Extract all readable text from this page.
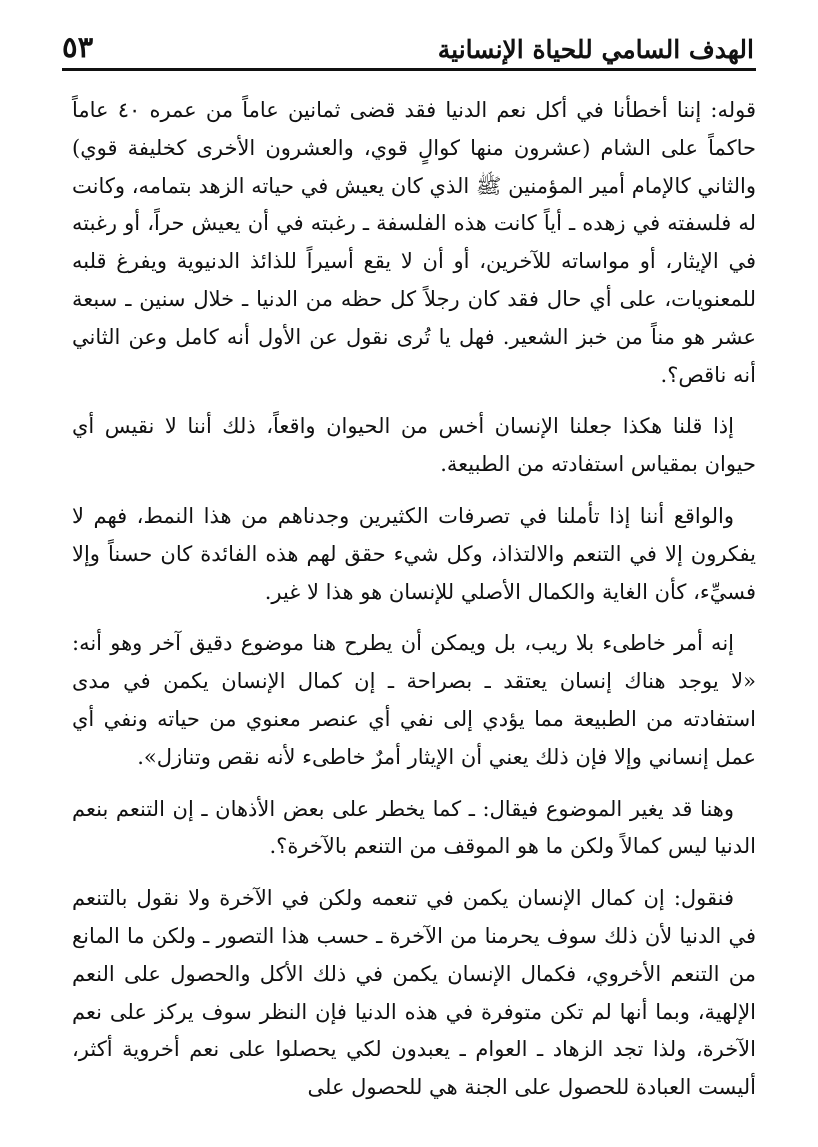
الهدف السامي للحياة الإنسانية
٥٣

قوله: إننا أخطأنا في أكل نعم الدنيا فقد قضى ثمانين عاماً من عمره ٤٠ عاماً حاكماً على الشام (عشرون منها كوالٍ قوي، والعشرون الأخرى كخليفة قوي) والثاني كالإمام أمير المؤمنين ﷺ الذي كان يعيش في حياته الزهد بتمامه، وكانت له فلسفته في زهده ـ أياً كانت هذه الفلسفة ـ رغبته في أن يعيش حراً، أو رغبته في الإيثار، أو مواساته للآخرين، أو أن لا يقع أسيراً للذائذ الدنيوية ويفرغ قلبه للمعنويات، على أي حال فقد كان رجلاً كل حظه من الدنيا ـ خلال سنين ـ سبعة عشر هو مناً من خبز الشعير. فهل يا تُرى نقول عن الأول أنه كامل وعن الثاني أنه ناقص؟.

إذا قلنا هكذا جعلنا الإنسان أخس من الحيوان واقعاً، ذلك أننا لا نقيس أي حيوان بمقياس استفادته من الطبيعة.

والواقع أننا إذا تأملنا في تصرفات الكثيرين وجدناهم من هذا النمط، فهم لا يفكرون إلا في التنعم والالتذاذ، وكل شيء حقق لهم هذه الفائدة كان حسناً وإلا فسيِّء، كأن الغاية والكمال الأصلي للإنسان هو هذا لا غير.

إنه أمر خاطىء بلا ريب، بل ويمكن أن يطرح هنا موضوع دقيق آخر وهو أنه: «لا يوجد هناك إنسان يعتقد ـ بصراحة ـ إن كمال الإنسان يكمن في مدى استفادته من الطبيعة مما يؤدي إلى نفي أي عنصر معنوي من حياته ونفي أي عمل إنساني وإلا فإن ذلك يعني أن الإيثار أمرٌ خاطىء لأنه نقص وتنازل».

وهنا قد يغير الموضوع فيقال: ـ كما يخطر على بعض الأذهان ـ إن التنعم بنعم الدنيا ليس كمالاً ولكن ما هو الموقف من التنعم بالآخرة؟.

فنقول: إن كمال الإنسان يكمن في تنعمه ولكن في الآخرة ولا نقول بالتنعم في الدنيا لأن ذلك سوف يحرمنا من الآخرة ـ حسب هذا التصور ـ ولكن ما المانع من التنعم الأخروي، فكمال الإنسان يكمن في ذلك الأكل والحصول على النعم الإلهية، وبما أنها لم تكن متوفرة في هذه الدنيا فإن النظر سوف يركز على نعم الآخرة، ولذا تجد الزهاد ـ العوام ـ يعبدون لكي يحصلوا على نعم أخروية أكثر، أليست العبادة للحصول على الجنة هي للحصول على
